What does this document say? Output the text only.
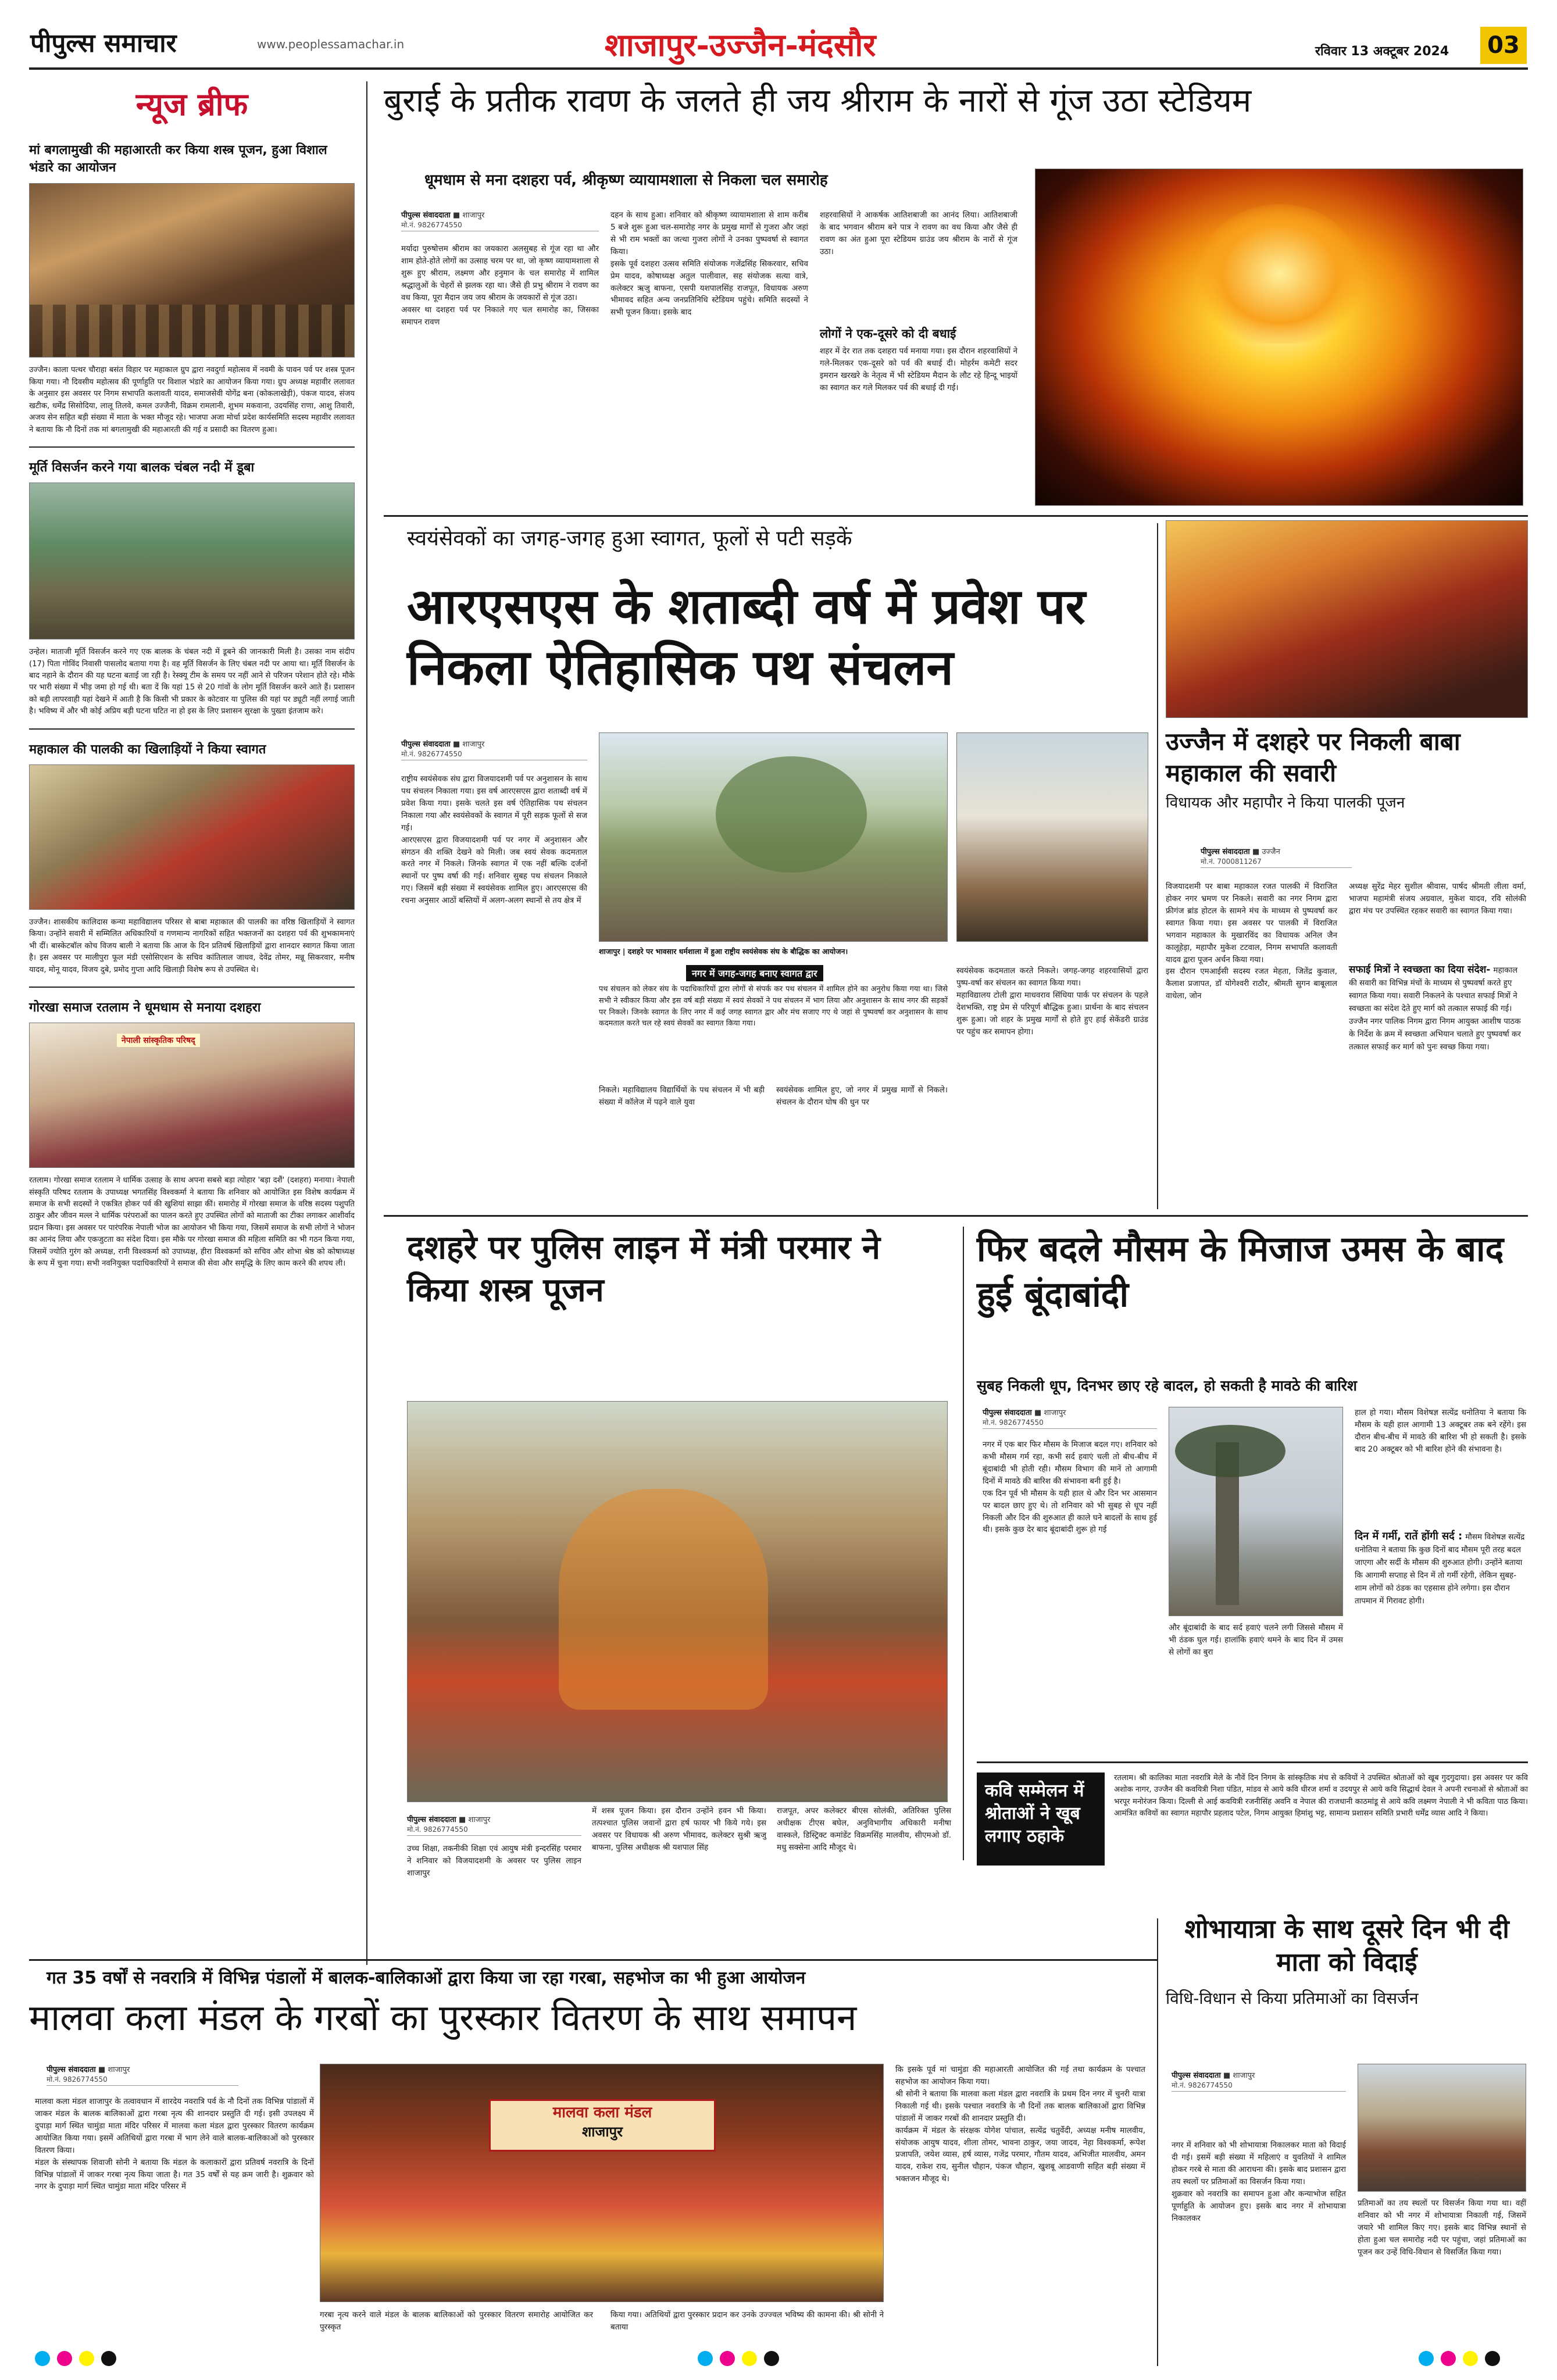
पीपुल्स समाचार	www.peoplessamachar.in	शाजापुर-उज्जैन-मंदसौर	रविवार 13 अक्टूबर 2024 03
न्यूज ब्रीफ
मां बगलामुखी की महाआरती कर किया शस्त्र पूजन, हुआ विशाल भंडारे का आयोजन
उज्जैन। काला पत्थर चौराहा बसंत विहार पर महाकाल ग्रुप द्वारा नवदुर्गा महोत्सव में नवमी के पावन पर्व पर शस्त्र पूजन किया गया। नौ दिवसीय महोत्सव की पूर्णाहुति पर विशाल भंडारे का आयोजन किया गया। ग्रुप अध्यक्ष महावीर ललावत के अनुसार इस अवसर पर निगम सभापति कलावती यादव, समाजसेवी योगेंद्र बना (कोकलाखेड़ी), पंकज यादव, संजय खटीक, धर्मेंद्र सिसोदिया, लालू तिलवे, कमल उज्जैनी, विक्रम रामलानी, शुभम मकवाना, उदयसिंह राणा, आशु तिवारी, अजय सेन सहित बड़ी संख्या में माता के भक्त मौजूद रहे। भाजपा अजा मोर्चा प्रदेश कार्यसमिति सदस्य महावीर ललावत ने बताया कि नौ दिनों तक मां बगलामुखी की महाआरती की गई व प्रसादी का वितरण हुआ।
मूर्ति विसर्जन करने गया बालक चंबल नदी में डूबा
उन्हेल। माताजी मूर्ति विसर्जन करने गए एक बालक के चंबल नदी में डूबने की जानकारी मिली है। उसका नाम संदीप (17) पिता गोविंद निवासी पासलोद बताया गया है। वह मूर्ति विसर्जन के लिए चंबल नदी पर आया था। मूर्ति विसर्जन के बाद नहाने के दौरान की यह घटना बताई जा रही है। रेस्क्यू टीम के समय पर नहीं आने से परिजन परेशान होते रहे। मौके पर भारी संख्या में भीड़ जमा हो गई थी। बता दें कि यहां 15 से 20 गांवों के लोग मूर्ति विसर्जन करने आते हैं। प्रशासन को बड़ी लापरवाही यहां देखने में आती है कि किसी भी प्रकार के कोटवार या पुलिस की यहां पर ड्यूटी नहीं लगाई जाती है। भविष्य में और भी कोई अप्रिय बड़ी घटना घटित ना हो इस के लिए प्रशासन सुरक्षा के पुख्ता इंतजाम करे।
महाकाल की पालकी का खिलाड़ियों ने किया स्वागत
उज्जैन। शासकीय कालिदास कन्या महाविद्यालय परिसर से बाबा महाकाल की पालकी का वरिष्ठ खिलाड़ियों ने स्वागत किया। उन्होंने सवारी में सम्मिलित अधिकारियों व गणमान्य नागरिकों सहित भक्तजनों का दशहरा पर्व की शुभकामनाएं भी दीं। बास्केटबॉल कोच विजय बाली ने बताया कि आज के दिन प्रतिवर्ष खिलाड़ियों द्वारा शानदार स्वागत किया जाता है। इस अवसर पर मालीपुरा फूल मंडी एसोसिएशन के सचिव कांतिलाल जाधव, देवेंद्र तोमर, मन्नू सिकरवार, मनीष यादव, मोनू यादव, विजय दुबे, प्रमोद गुप्ता आदि खिलाड़ी विशेष रूप से उपस्थित थे।
गोरखा समाज रतलाम ने धूमधाम से मनाया दशहरा
नेपाली सांस्कृतिक परिषद्
रतलाम। गोरखा समाज रतलाम ने धार्मिक उत्साह के साथ अपना सबसे बड़ा त्योहार 'बड़ा दशैं' (दशहरा) मनाया। नेपाली संस्कृति परिषद रतलाम के उपाध्यक्ष भगतसिंह विश्वकर्मा ने बताया कि शनिवार को आयोजित इस विशेष कार्यक्रम में समाज के सभी सदस्यों ने एकत्रित होकर पर्व की खुशियां साझा कीं। समारोह में गोरखा समाज के वरिष्ठ सदस्य पशुपति ठाकुर और जीवन मल्ल ने धार्मिक परंपराओं का पालन करते हुए उपस्थित लोगों को माताजी का टीका लगाकर आशीर्वाद प्रदान किया। इस अवसर पर पारंपरिक नेपाली भोज का आयोजन भी किया गया, जिसमें समाज के सभी लोगों ने भोजन का आनंद लिया और एकजुटता का संदेश दिया। इस मौके पर गोरखा समाज की महिला समिति का भी गठन किया गया, जिसमें ज्योति गुरंग को अध्यक्ष, रानी विश्वकर्मा को उपाध्यक्ष, हीरा विश्वकर्मा को सचिव और शोभा श्रेष्ठ को कोषाध्यक्ष के रूप में चुना गया। सभी नवनियुक्त पदाधिकारियों ने समाज की सेवा और समृद्धि के लिए काम करने की शपथ ली।
बुराई के प्रतीक रावण के जलते ही जय श्रीराम के नारों से गूंज उठा स्टेडियम
धूमधाम से मना दशहरा पर्व, श्रीकृष्ण व्यायामशाला से निकला चल समारोह
पीपुल्स संवाददाता ■ शाजापुर
मो.नं. 9826774550
मर्यादा पुरुषोत्तम श्रीराम का जयकारा अलसुबह से गूंज रहा था और शाम होते-होते लोगों का उत्साह चरम पर था, जो कृष्ण व्यायामशाला से शुरू हुए श्रीराम, लक्ष्मण और हनुमान के चल समारोह में शामिल श्रद्धालुओं के चेहरों से झलक रहा था। जैसे ही प्रभु श्रीराम ने रावण का वध किया, पूरा मैदान जय जय श्रीराम के जयकारों से गूंज उठा।
अवसर था दशहरा पर्व पर निकाले गए चल समारोह का, जिसका समापन रावण
दहन के साथ हुआ। शनिवार को श्रीकृष्ण व्यायामशाला से शाम करीब 5 बजे शुरू हुआ चल-समारोह नगर के प्रमुख मार्गों से गुजरा और जहां से भी राम भक्तों का जत्था गुजरा लोगों ने उनका पुष्पवर्षा से स्वागत किया।
इसके पूर्व दशहरा उत्सव समिति संयोजक गजेंद्रसिंह सिकरवार, सचिव प्रेम यादव, कोषाध्यक्ष अतुल पालीवाल, सह संयोजक सत्या वात्रे, कलेक्टर ऋजु बाफना, एसपी यशपालसिंह राजपूत, विधायक अरुण भीमावद सहित अन्य जनप्रतिनिधि स्टेडियम पहुंचे। समिति सदस्यों ने सभी पूजन किया। इसके बाद
शहरवासियों ने आकर्षक आतिशबाजी का आनंद लिया। आतिशबाजी के बाद भगवान श्रीराम बने पात्र ने रावण का वध किया और जैसे ही रावण का अंत हुआ पूरा स्टेडियम ग्राउंड जय श्रीराम के नारों से गूंज उठा।
लोगों ने एक-दूसरे को दी बधाई
शहर में देर रात तक दशहरा पर्व मनाया गया। इस दौरान शहरवासियों ने गले-मिलकर एक-दूसरे को पर्व की बधाई दी। मोहर्रम कमेटी सदर इमरान खरखरे के नेतृत्व में भी स्टेडियम मैदान के लौट रहे हिन्दू भाइयों का स्वागत कर गले मिलकर पर्व की बधाई दी गई।
स्वयंसेवकों का जगह-जगह हुआ स्वागत, फूलों से पटी सड़कें
आरएसएस के शताब्दी वर्ष में प्रवेश पर निकला ऐतिहासिक पथ संचलन
पीपुल्स संवाददाता ■ शाजापुर
मो.नं. 9826774550
राष्ट्रीय स्वयंसेवक संघ द्वारा विजयादशमी पर्व पर अनुशासन के साथ पथ संचलन निकाला गया। इस वर्ष आरएसएस द्वारा शताब्दी वर्ष में प्रवेश किया गया। इसके चलते इस वर्ष ऐतिहासिक पथ संचलन निकाला गया और स्वयंसेवकों के स्वागत में पूरी सड़क फूलों से सज गई।
आरएसएस द्वारा विजयादशमी पर्व पर नगर में अनुशासन और संगठन की शक्ति देखने को मिली। जब स्वयं सेवक कदमताल करते नगर में निकले। जिनके स्वागत में एक नहीं बल्कि दर्जनों स्थानों पर पुष्प वर्षा की गई। शनिवार सुबह पथ संचलन निकाले गए। जिसमें बड़ी संख्या में स्वयंसेवक शामिल हुए। आरएसएस की रचना अनुसार आठों बस्तियों में अलग-अलग स्थानों से तय क्षेत्र में
शाजापुर | दशहरे पर भावसार धर्मशाला में हुआ राष्ट्रीय स्वयंसेवक संघ के बौद्धिक का आयोजन।
नगर में जगह-जगह बनाए स्वागत द्वार
पथ संचलन को लेकर संघ के पदाधिकारियों द्वारा लोगों से संपर्क कर पथ संचलन में शामिल होने का अनुरोध किया गया था। जिसे सभी ने स्वीकार किया और इस वर्ष बड़ी संख्या में स्वयं सेवकों ने पथ संचलन में भाग लिया और अनुशासन के साथ नगर की सड़कों पर निकले। जिनके स्वागत के लिए नगर में कई जगह स्वागत द्वार और मंच सजाए गए थे जहां से पुष्पवर्षा कर अनुशासन के साथ कदमताल करते चल रहे स्वयं सेवकों का स्वागत किया गया।
निकले। महाविद्यालय विद्यार्थियों के पथ संचलन में भी बड़ी संख्या में कॉलेज में पढ़ने वाले युवा
स्वयंसेवक शामिल हुए, जो नगर में प्रमुख मार्गों से निकले। संचलन के दौरान घोष की धुन पर
स्वयंसेवक कदमताल करते निकले। जगह-जगह शहरवासियों द्वारा पुष्प-वर्षा कर संचलन का स्वागत किया गया।
महाविद्यालय टोली द्वारा माधवराव सिंधिया पार्क पर संचलन के पहले देशभक्ति, राष्ट्र प्रेम से परिपूर्ण बौद्धिक हुआ। प्रार्थना के बाद संचलन शुरू हुआ। जो शहर के प्रमुख मार्गों से होते हुए हाई सेकेंडरी ग्राउंड पर पहुंच कर समापन होगा।
उज्जैन में दशहरे पर निकली बाबा महाकाल की सवारी
विधायक और महापौर ने किया पालकी पूजन
पीपुल्स संवाददाता ■ उज्जैन
मो.नं. 7000811267
विजयादशमी पर बाबा महाकाल रजत पालकी में विराजित होकर नगर भ्रमण पर निकले। सवारी का नगर निगम द्वारा फ्रीगंज ब्रांड होटल के सामने मंच के माध्यम से पुष्पवर्षा कर स्वागत किया गया। इस अवसर पर पालकी में विराजित भगवान महाकाल के मुखारविंद का विधायक अनिल जैन कालूहेड़ा, महापौर मुकेश टटवाल, निगम सभापति कलावती यादव द्वारा पूजन अर्चन किया गया।
इस दौरान एमआईसी सदस्य रजत मेहता, जितेंद्र कुवाल, कैलाश प्रजापत, डॉ योगेश्वरी राठौर, श्रीमती सुगन बाबूलाल वाधेला, जोन
अध्यक्ष सुरेंद्र मेहर सुशील श्रीवास, पार्षद श्रीमती लीला वर्मा, भाजपा महामंत्री संजय अग्रवाल, मुकेश यादव, रवि सोलंकी द्वारा मंच पर उपस्थित रहकर सवारी का स्वागत किया गया।
सफाई मित्रों ने स्वच्छता का दिया संदेश- महाकाल की सवारी का विभिन्न मंचों के माध्यम से पुष्पवर्षा करते हुए स्वागत किया गया। सवारी निकलने के पश्चात सफाई मित्रों ने स्वच्छता का संदेश देते हुए मार्ग को तत्काल सफाई की गई। उज्जैन नगर पालिक निगम द्वारा निगम आयुक्त आशीष पाठक के निर्देश के क्रम में स्वच्छता अभियान चलाते हुए पुष्पवर्षा कर तत्काल सफाई कर मार्ग को पुनः स्वच्छ किया गया।
दशहरे पर पुलिस लाइन में मंत्री परमार ने किया शस्त्र पूजन
पीपुल्स संवाददाता ■ शाजापुर
मो.नं. 9826774550
उच्च शिक्षा, तकनीकी शिक्षा एवं आयुष मंत्री इन्दरसिंह परमार ने शनिवार को विजयादशमी के अवसर पर पुलिस लाइन शाजापुर
में शस्त्र पूजन किया। इस दौरान उन्होंने हवन भी किया। तत्पश्चात पुलिस जवानों द्वारा हर्ष फायर भी किये गये। इस अवसर पर विधायक श्री अरुण भीमावद, कलेक्टर सुश्री ऋजु बाफना, पुलिस अधीक्षक श्री यशपाल सिंह
राजपूत, अपर कलेक्टर बीएस सोलंकी, अतिरिक्त पुलिस अधीक्षक टीएस बघेल, अनुविभागीय अधिकारी मनीषा वास्कले, डिस्ट्रिक्ट कमांडेंट विक्रमसिंह मालवीय, सीएमओ डॉ. मधु सक्सेना आदि मौजूद थे।
फिर बदले मौसम के मिजाज उमस के बाद हुई बूंदाबांदी
सुबह निकली धूप, दिनभर छाए रहे बादल, हो सकती है मावठे की बारिश
पीपुल्स संवाददाता ■ शाजापुर
मो.नं. 9826774550
नगर में एक बार फिर मौसम के मिजाज बदल गए। शनिवार को कभी मौसम गर्म रहा, कभी सर्द हवाएं चली तो बीच-बीच में बूंदाबांदी भी होती रही। मौसम विभाग की मानें तो आगामी दिनों में मावठे की बारिश की संभावना बनी हुई है।
एक दिन पूर्व भी मौसम के यही हाल थे और दिन भर आसमान पर बादल छाए हुए थे। तो शनिवार को भी सुबह से धूप नहीं निकली और दिन की शुरुआत ही काले घने बादलों के साथ हुई थी। इसके कुछ देर बाद बूंदाबांदी शुरू हो गई
और बूंदाबांदी के बाद सर्द हवाएं चलने लगी जिससे मौसम में भी ठंडक घुल गई। हालांकि हवाएं थमने के बाद दिन में उमस से लोगों का बुरा
हाल हो गया। मौसम विशेषज्ञ सत्येंद्र धनोतिया ने बताया कि मौसम के यही हाल आगामी 13 अक्टूबर तक बने रहेंगे। इस दौरान बीच-बीच में मावठे की बारिश भी हो सकती है। इसके बाद 20 अक्टूबर को भी बारिश होने की संभावना है।
दिन में गर्मी, रातें होंगी सर्द : मौसम विशेषज्ञ सत्येंद्र धनोतिया ने बताया कि कुछ दिनों बाद मौसम पूरी तरह बदल जाएगा और सर्दी के मौसम की शुरुआत होगी। उन्होंने बताया कि आगामी सप्ताह से दिन में तो गर्मी रहेगी, लेकिन सुबह-शाम लोगों को ठंडक का एहसास होने लगेगा। इस दौरान तापमान में गिरावट होगी।
कवि सम्मेलन में श्रोताओं ने खूब लगाए ठहाके
रतलाम। श्री कालिका माता नवरात्रि मेले के नौवें दिन निगम के सांस्कृतिक मंच से कवियों ने उपस्थित श्रोताओं को खूब गुदगुदाया। इस अवसर पर कवि अशोक नागर, उज्जैन की कवयित्री निशा पंडित, मांडव से आये कवि धीरज शर्मा व उदयपुर से आये कवि सिद्धार्थ देवल ने अपनी रचनाओं से श्रोताओं का भरपूर मनोरंजन किया। दिल्ली से आई कवयित्री रजनीसिंह अवनि व नेपाल की राजधानी काठमांडू से आये कवि लक्ष्मण नेपाली ने भी कविता पाठ किया। आमंत्रित कवियों का स्वागत महापौर प्रहलाद पटेल, निगम आयुक्त हिमांशु भट्ट, सामान्य प्रशासन समिति प्रभारी धर्मेंद्र व्यास आदि ने किया।
गत 35 वर्षों से नवरात्रि में विभिन्न पंडालों में बालक-बालिकाओं द्वारा किया जा रहा गरबा, सहभोज का भी हुआ आयोजन
मालवा कला मंडल के गरबों का पुरस्कार वितरण के साथ समापन
पीपुल्स संवाददाता ■ शाजापुर
मो.नं. 9826774550
मालवा कला मंडल शाजापुर के तत्वावधान में शारदेय नवरात्रि पर्व के नौ दिनों तक विभिन्न पांडालों में जाकर मंडल के बालक बालिकाओं द्वारा गरबा नृत्य की शानदार प्रस्तुति दी गई। इसी उपलक्ष्य में दुपाड़ा मार्ग स्थित चामुंडा माता मंदिर परिसर में मालवा कला मंडल द्वारा पुरस्कार वितरण कार्यक्रम आयोजित किया गया। इसमें अतिथियों द्वारा गरबा में भाग लेने वाले बालक-बालिकाओं को पुरस्कार वितरण किया।
मंडल के संस्थापक शिवाजी सोनी ने बताया कि मंडल के कलाकारों द्वारा प्रतिवर्ष नवरात्रि के दिनों विभिन्न पांडालों में जाकर गरबा नृत्य किया जाता है। गत 35 वर्षों से यह क्रम जारी है। शुक्रवार को नगर के दुपाड़ा मार्ग स्थित चामुंडा माता मंदिर परिसर में
मालवा कला मंडल
शाजापुर
गरबा नृत्य करने वाले मंडल के बालक बालिकाओं को पुरस्कार वितरण समारोह आयोजित कर पुरस्कृत
किया गया। अतिथियों द्वारा पुरस्कार प्रदान कर उनके उज्ज्वल भविष्य की कामना की। श्री सोनी ने बताया
कि इसके पूर्व मां चामुंडा की महाआरती आयोजित की गई तथा कार्यक्रम के पश्चात सहभोज का आयोजन किया गया।
श्री सोनी ने बताया कि मालवा कला मंडल द्वारा नवरात्रि के प्रथम दिन नगर में चुनरी यात्रा निकाली गई थी। इसके पश्चात नवरात्रि के नौ दिनों तक बालक बालिकाओं द्वारा विभिन्न पांडालों में जाकर गरबों की शानदार प्रस्तुति दी।
कार्यक्रम में मंडल के संरक्षक योगेश पांचाल, सत्येंद्र चतुर्वेदी, अध्यक्ष मनीष मालवीय, संयोजक आयुष यादव, शीला तोमर, भावना ठाकुर, जया जादव, नेहा विश्वकर्मा, रूपेश प्रजापति, जयेश व्यास, हर्ष व्यास, गजेंद्र परमार, गौतम यादव, अभिजीत मालवीय, अमन यादव, राकेश राय, सुनील चौहान, पंकज चौहान, खुशबू आडवाणी सहित बड़ी संख्या में भक्तजन मौजूद थे।
शोभायात्रा के साथ दूसरे दिन भी दी माता को विदाई
विधि-विधान से किया प्रतिमाओं का विसर्जन
पीपुल्स संवाददाता ■ शाजापुर
मो.नं. 9826774550
नगर में शनिवार को भी शोभायात्रा निकालकर माता को विदाई दी गई। इसमें बड़ी संख्या में महिलाएं व युवतियों ने शामिल होकर गरबे से माता की आराधना की। इसके बाद प्रशासन द्वारा तय स्थलों पर प्रतिमाओं का विसर्जन किया गया।
शुक्रवार को नवरात्रि का समापन हुआ और कन्याभोज सहित पूर्णाहुति के आयोजन हुए। इसके बाद नगर में शोभायात्रा निकालकर
प्रतिमाओं का तय स्थलों पर विसर्जन किया गया था। वहीं शनिवार को भी नगर में शोभायात्रा निकाली गई, जिसमें जयारे भी शामिल किए गए। इसके बाद विभिन्न स्थानों से होता हुआ चल समारोह नदी पर पहुंचा, जहां प्रतिमाओं का पूजन कर उन्हें विधि-विधान से विसर्जित किया गया।
